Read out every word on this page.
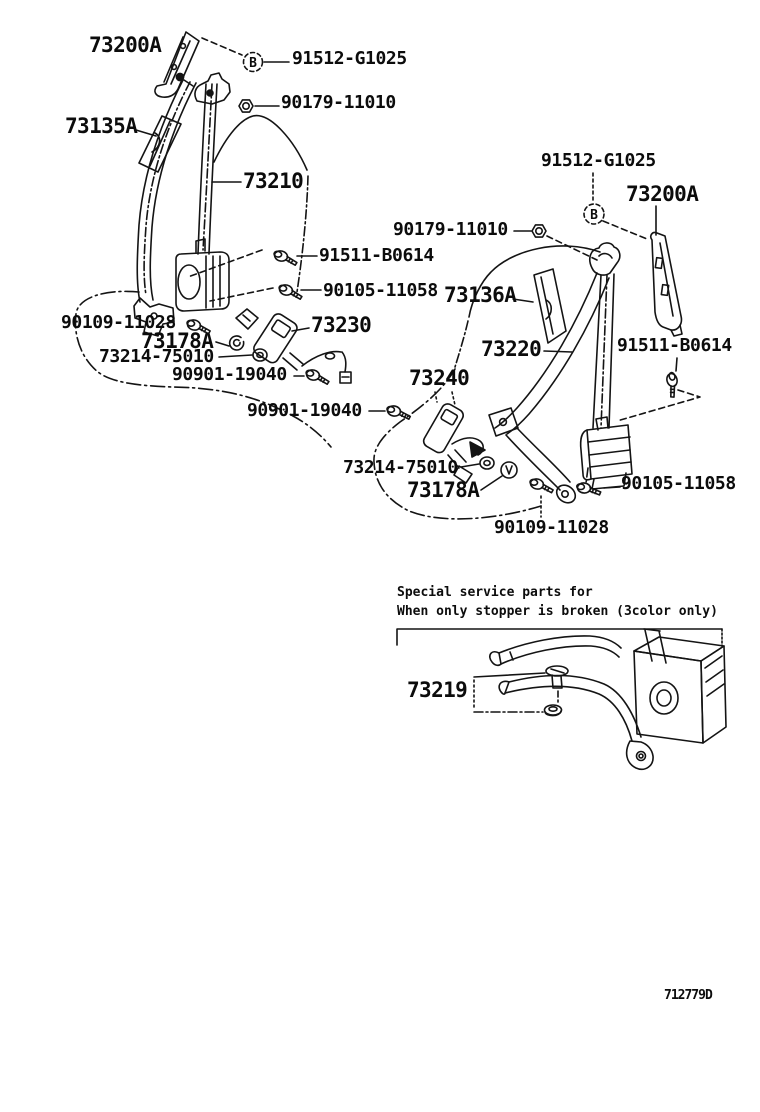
73200A
91512-G1025
90179-11010
73135A
73210
91512-G1025
73200A
90179-11010
91511-B0614
90105-11058 73136A
90109-11028	73230
73178A	73220	91511-B0614
73214-75010
90901-19040	73240
90901-19040
73214-75010
90105-11058
73178A
90109-11028
73219
B
B
Special service parts for
When only stopper is broken (3color only)
712779D
